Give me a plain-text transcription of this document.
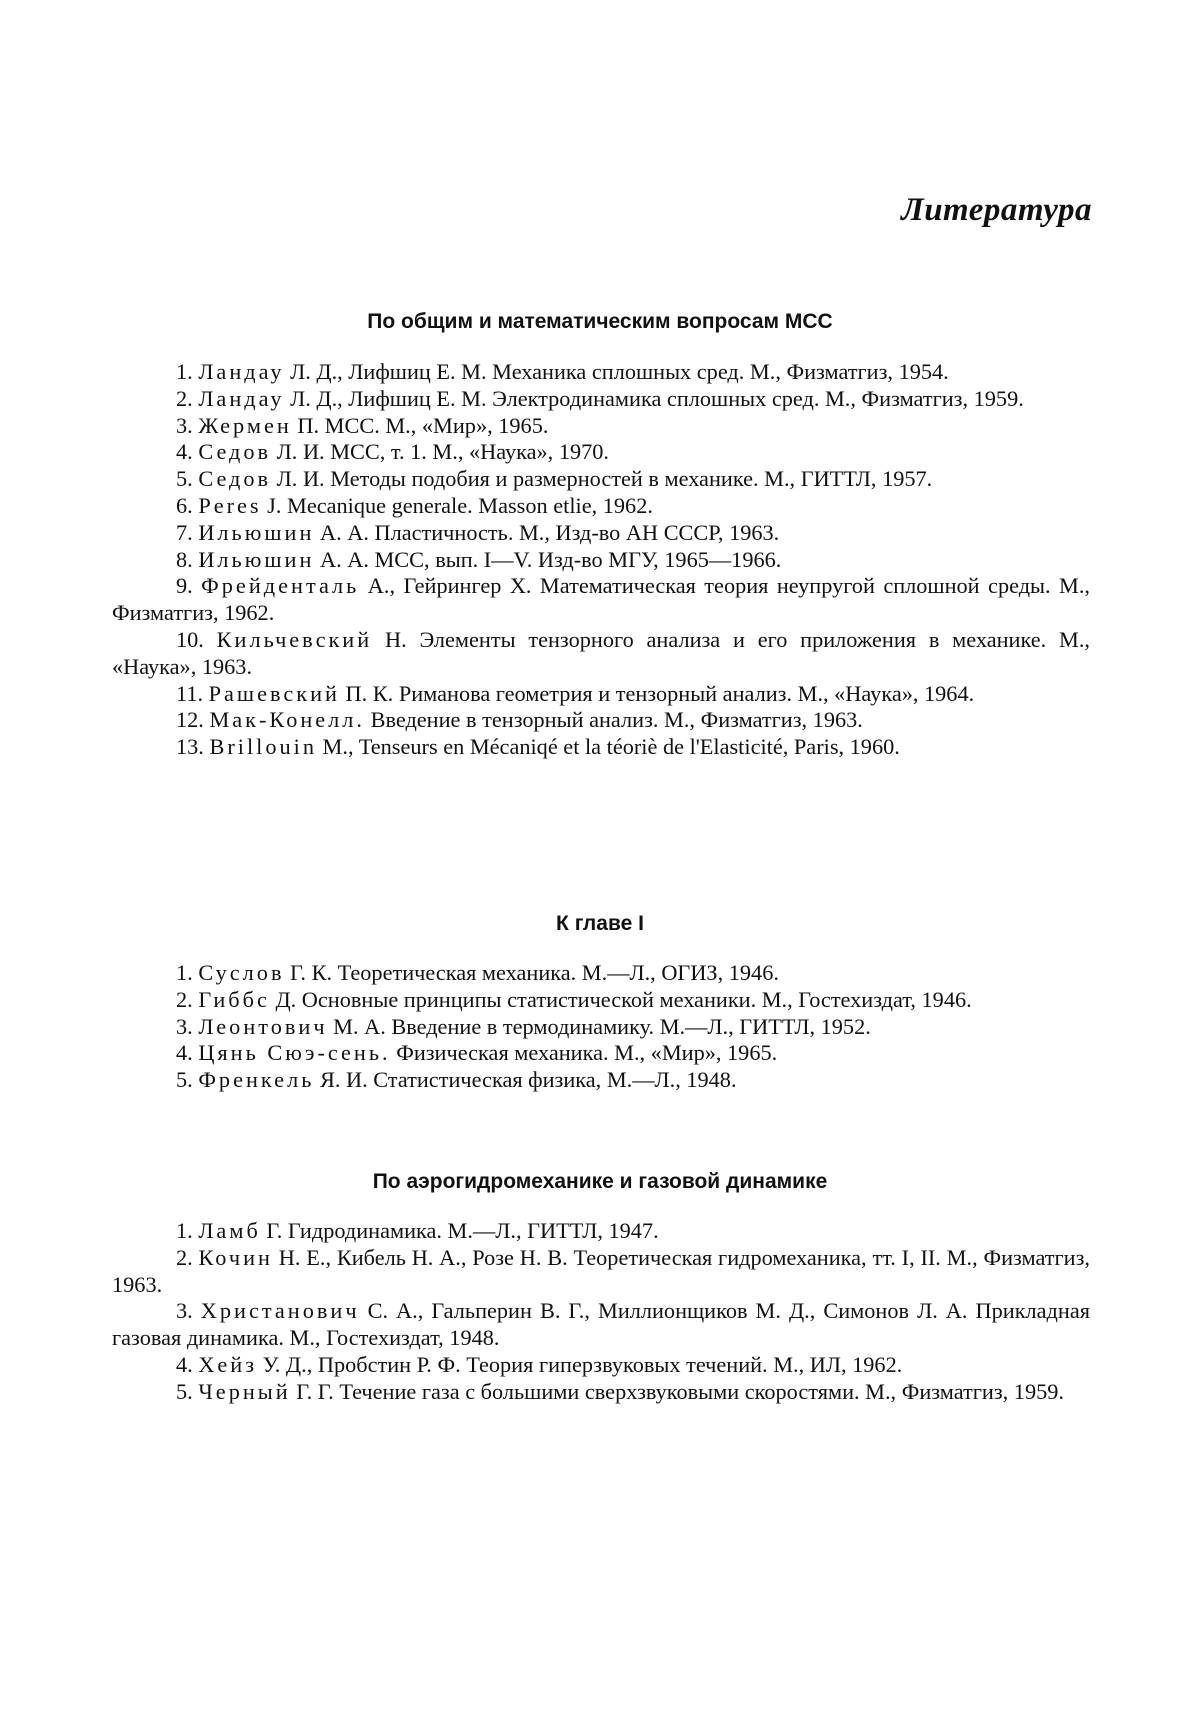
Литература
По общим и математическим вопросам МСС

1. Ландау Л. Д., Лифшиц Е. М. Механика сплошных сред. М., Физматгиз, 1954.

2. Ландау Л. Д., Лифшиц Е. М. Электродинамика сплошных сред. М., Физматгиз, 1959.

3. Жермен П. МСС. М., «Мир», 1965.

4. Седов Л. И. МСС, т. 1. М., «Наука», 1970.

5. Седов Л. И. Методы подобия и размерностей в механике. М., ГИТТЛ, 1957.

6. Peres J. Mecanique generale. Masson etlie, 1962.

7. Ильюшин А. А. Пластичность. М., Изд-во АН СССР, 1963.

8. Ильюшин А. А. МСС, вып. I—V. Изд-во МГУ, 1965—1966.

9. Фрейденталь А., Гейрингер Х. Математическая теория неупругой сплошной среды. М., Физматгиз, 1962.

10. Кильчевский Н. Элементы тензорного анализа и его приложения в механике. М., «Наука», 1963.

11. Рашевский П. К. Риманова геометрия и тензорный анализ. М., «Наука», 1964.

12. Мак-Конелл. Введение в тензорный анализ. М., Физматгиз, 1963.

13. Brillouin M., Tenseurs en Mécaniqé et la téoriè de l'Elasticité, Paris, 1960.

К главе I

1. Суслов Г. К. Теоретическая механика. М.—Л., ОГИЗ, 1946.

2. Гиббс Д. Основные принципы статистической механики. М., Гостехиздат, 1946.

3. Леонтович М. А. Введение в термодинамику. М.—Л., ГИТТЛ, 1952.

4. Цянь Сюэ-сень. Физическая механика. М., «Мир», 1965.

5. Френкель Я. И. Статистическая физика, М.—Л., 1948.

По аэрогидромеханике и газовой динамике

1. Ламб Г. Гидродинамика. М.—Л., ГИТТЛ, 1947.

2. Кочин Н. Е., Кибель Н. А., Розе Н. В. Теоретическая гидромеханика, тт. I, II. М., Физматгиз, 1963.

3. Христанович С. А., Гальперин В. Г., Миллионщиков М. Д., Симонов Л. А. Прикладная газовая динамика. М., Гостехиздат, 1948.

4. Хейз У. Д., Пробстин Р. Ф. Теория гиперзвуковых течений. М., ИЛ, 1962.

5. Черный Г. Г. Течение газа с большими сверхзвуковыми скоростями. М., Физматгиз, 1959.
